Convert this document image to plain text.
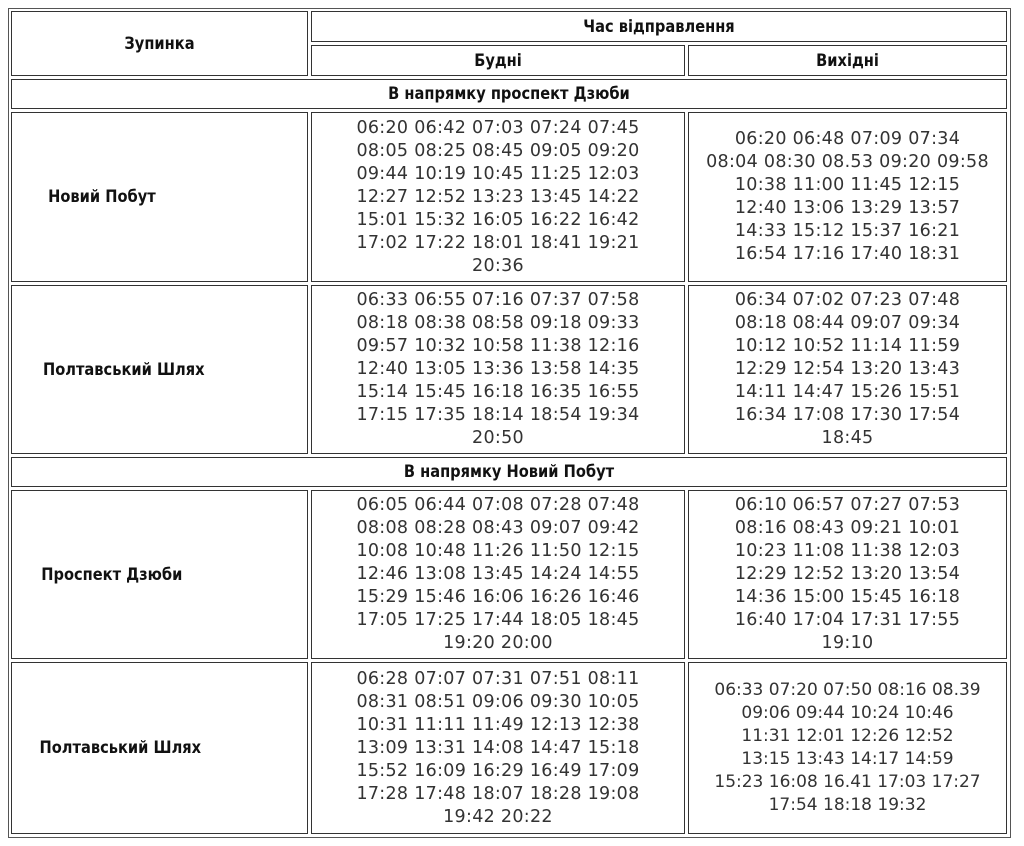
Зупинка
Час відправлення
Будні	Вихідні
В напрямку проспект Дзюби
Новий Побут
06:20 06:42 07:03 07:24 07:45
08:05 08:25 08:45 09:05 09:20
09:44 10:19 10:45 11:25 12:03
12:27 12:52 13:23 13:45 14:22
15:01 15:32 16:05 16:22 16:42
17:02 17:22 18:01 18:41 19:21
20:36
06:20 06:48 07:09 07:34
08:04 08:30 08.53 09:20 09:58
10:38 11:00 11:45 12:15
12:40 13:06 13:29 13:57
14:33 15:12 15:37 16:21
16:54 17:16 17:40 18:31
Полтавський Шлях
06:33 06:55 07:16 07:37 07:58
08:18 08:38 08:58 09:18 09:33
09:57 10:32 10:58 11:38 12:16
12:40 13:05 13:36 13:58 14:35
15:14 15:45 16:18 16:35 16:55
17:15 17:35 18:14 18:54 19:34
20:50
06:34 07:02 07:23 07:48
08:18 08:44 09:07 09:34
10:12 10:52 11:14 11:59
12:29 12:54 13:20 13:43
14:11 14:47 15:26 15:51
16:34 17:08 17:30 17:54
18:45
В напрямку Новий Побут
Проспект Дзюби
06:05 06:44 07:08 07:28 07:48
08:08 08:28 08:43 09:07 09:42
10:08 10:48 11:26 11:50 12:15
12:46 13:08 13:45 14:24 14:55
15:29 15:46 16:06 16:26 16:46
17:05 17:25 17:44 18:05 18:45
19:20 20:00
06:10 06:57 07:27 07:53
08:16 08:43 09:21 10:01
10:23 11:08 11:38 12:03
12:29 12:52 13:20 13:54
14:36 15:00 15:45 16:18
16:40 17:04 17:31 17:55
19:10
Полтавський Шлях
06:28 07:07 07:31 07:51 08:11
08:31 08:51 09:06 09:30 10:05
10:31 11:11 11:49 12:13 12:38
13:09 13:31 14:08 14:47 15:18
15:52 16:09 16:29 16:49 17:09
17:28 17:48 18:07 18:28 19:08
19:42 20:22
06:33 07:20 07:50 08:16 08.39
09:06 09:44 10:24 10:46
11:31 12:01 12:26 12:52
13:15 13:43 14:17 14:59
15:23 16:08 16.41 17:03 17:27
17:54 18:18 19:32
